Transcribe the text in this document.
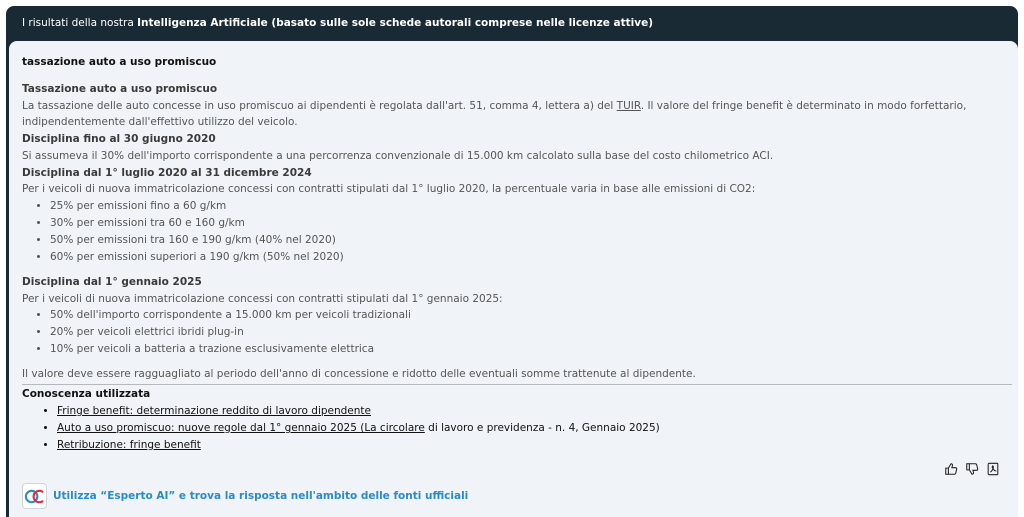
I risultati della nostra Intelligenza Artificiale (basato sulle sole schede autorali comprese nelle licenze attive)
tassazione auto a uso promiscuo

Tassazione auto a uso promiscuo

La tassazione delle auto concesse in uso promiscuo ai dipendenti è regolata dall'art. 51, comma 4, lettera a) del TUIR. Il valore del fringe benefit è determinato in modo forfettario, indipendentemente dall'effettivo utilizzo del veicolo.

Disciplina fino al 30 giugno 2020

Si assumeva il 30% dell'importo corrispondente a una percorrenza convenzionale di 15.000 km calcolato sulla base del costo chilometrico ACI.

Disciplina dal 1° luglio 2020 al 31 dicembre 2024

Per i veicoli di nuova immatricolazione concessi con contratti stipulati dal 1° luglio 2020, la percentuale varia in base alle emissioni di CO2:

• 25% per emissioni fino a 60 g/km
• 30% per emissioni tra 60 e 160 g/km
• 50% per emissioni tra 160 e 190 g/km (40% nel 2020)
• 60% per emissioni superiori a 190 g/km (50% nel 2020)

Disciplina dal 1° gennaio 2025

Per i veicoli di nuova immatricolazione concessi con contratti stipulati dal 1° gennaio 2025:

• 50% dell'importo corrispondente a 15.000 km per veicoli tradizionali
• 20% per veicoli elettrici ibridi plug-in
• 10% per veicoli a batteria a trazione esclusivamente elettrica

Il valore deve essere ragguagliato al periodo dell'anno di concessione e ridotto delle eventuali somme trattenute al dipendente.

Conoscenza utilizzata
• Fringe benefit: determinazione reddito di lavoro dipendente
• Auto a uso promiscuo: nuove regole dal 1° gennaio 2025 (La circolare di lavoro e previdenza - n. 4, Gennaio 2025)
• Retribuzione: fringe benefit
Utilizza “Esperto AI” e trova la risposta nell'ambito delle fonti ufficiali
